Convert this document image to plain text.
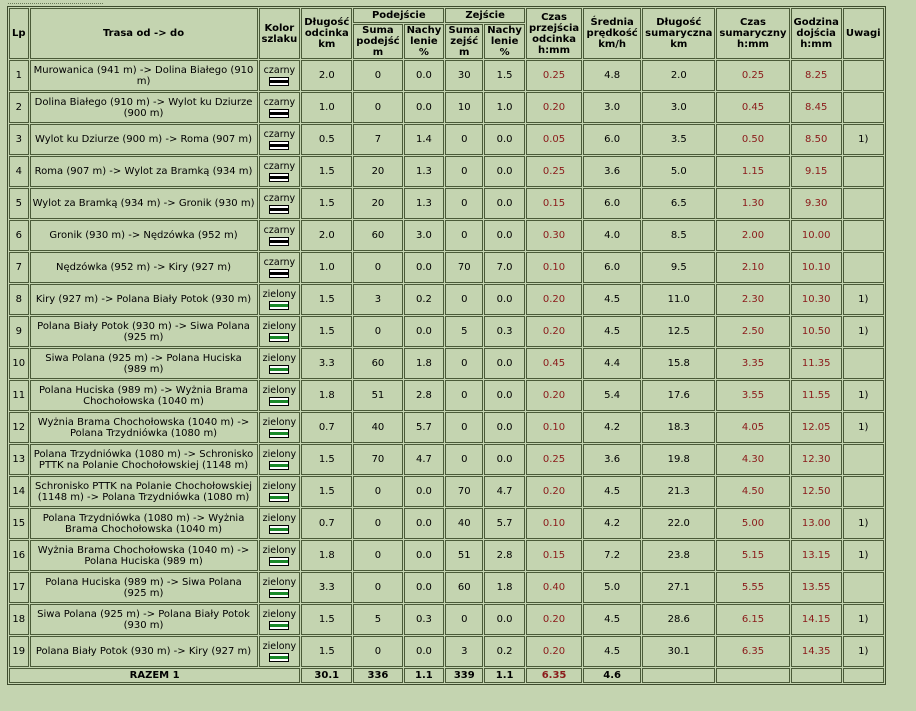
Lp	Trasa od -> do	Kolor szlaku	Długość odcinka km	Podejście		Zejście		Czas przejścia odcinka h:mm	Średnia prędkość km/h	Długość sumaryczna km	Czas sumaryczny h:mm	Godzina dojścia h:mm	Uwagi
				Suma podejść m	Nachy lenie %	Suma zejść m	Nachy lenie %						
1	Murowanica (941 m) -> Dolina Białego (910 m)	czarny	2.0	0	0.0	30	1.5	0.25	4.8	2.0	0.25	8.25	
2	Dolina Białego (910 m) -> Wylot ku Dziurze (900 m)	czarny	1.0	0	0.0	10	1.0	0.20	3.0	3.0	0.45	8.45	
3	Wylot ku Dziurze (900 m) -> Roma (907 m)	czarny	0.5	7	1.4	0	0.0	0.05	6.0	3.5	0.50	8.50	1)
4	Roma (907 m) -> Wylot za Bramką (934 m)	czarny	1.5	20	1.3	0	0.0	0.25	3.6	5.0	1.15	9.15	
5	Wylot za Bramką (934 m) -> Gronik (930 m)	czarny	1.5	20	1.3	0	0.0	0.15	6.0	6.5	1.30	9.30	
6	Gronik (930 m) -> Nędzówka (952 m)	czarny	2.0	60	3.0	0	0.0	0.30	4.0	8.5	2.00	10.00	
7	Nędzówka (952 m) -> Kiry (927 m)	czarny	1.0	0	0.0	70	7.0	0.10	6.0	9.5	2.10	10.10	
8	Kiry (927 m) -> Polana Biały Potok (930 m)	zielony	1.5	3	0.2	0	0.0	0.20	4.5	11.0	2.30	10.30	1)
9	Polana Biały Potok (930 m) -> Siwa Polana (925 m)	zielony	1.5	0	0.0	5	0.3	0.20	4.5	12.5	2.50	10.50	1)
10	Siwa Polana (925 m) -> Polana Huciska (989 m)	zielony	3.3	60	1.8	0	0.0	0.45	4.4	15.8	3.35	11.35	
11	Polana Huciska (989 m) -> Wyżnia Brama Chochołowska (1040 m)	zielony	1.8	51	2.8	0	0.0	0.20	5.4	17.6	3.55	11.55	1)
12	Wyżnia Brama Chochołowska (1040 m) -> Polana Trzydniówka (1080 m)	zielony	0.7	40	5.7	0	0.0	0.10	4.2	18.3	4.05	12.05	1)
13	Polana Trzydniówka (1080 m) -> Schronisko PTTK na Polanie Chochołowskiej (1148 m)	zielony	1.5	70	4.7	0	0.0	0.25	3.6	19.8	4.30	12.30	
14	Schronisko PTTK na Polanie Chochołowskiej (1148 m) -> Polana Trzydniówka (1080 m)	zielony	1.5	0	0.0	70	4.7	0.20	4.5	21.3	4.50	12.50	
15	Polana Trzydniówka (1080 m) -> Wyżnia Brama Chochołowska (1040 m)	zielony	0.7	0	0.0	40	5.7	0.10	4.2	22.0	5.00	13.00	1)
16	Wyżnia Brama Chochołowska (1040 m) -> Polana Huciska (989 m)	zielony	1.8	0	0.0	51	2.8	0.15	7.2	23.8	5.15	13.15	1)
17	Polana Huciska (989 m) -> Siwa Polana (925 m)	zielony	3.3	0	0.0	60	1.8	0.40	5.0	27.1	5.55	13.55	
18	Siwa Polana (925 m) -> Polana Biały Potok (930 m)	zielony	1.5	5	0.3	0	0.0	0.20	4.5	28.6	6.15	14.15	1)
19	Polana Biały Potok (930 m) -> Kiry (927 m)	zielony	1.5	0	0.0	3	0.2	0.20	4.5	30.1	6.35	14.35	1)
RAZEM 1			30.1	336	1.1	339	1.1	6.35	4.6				
